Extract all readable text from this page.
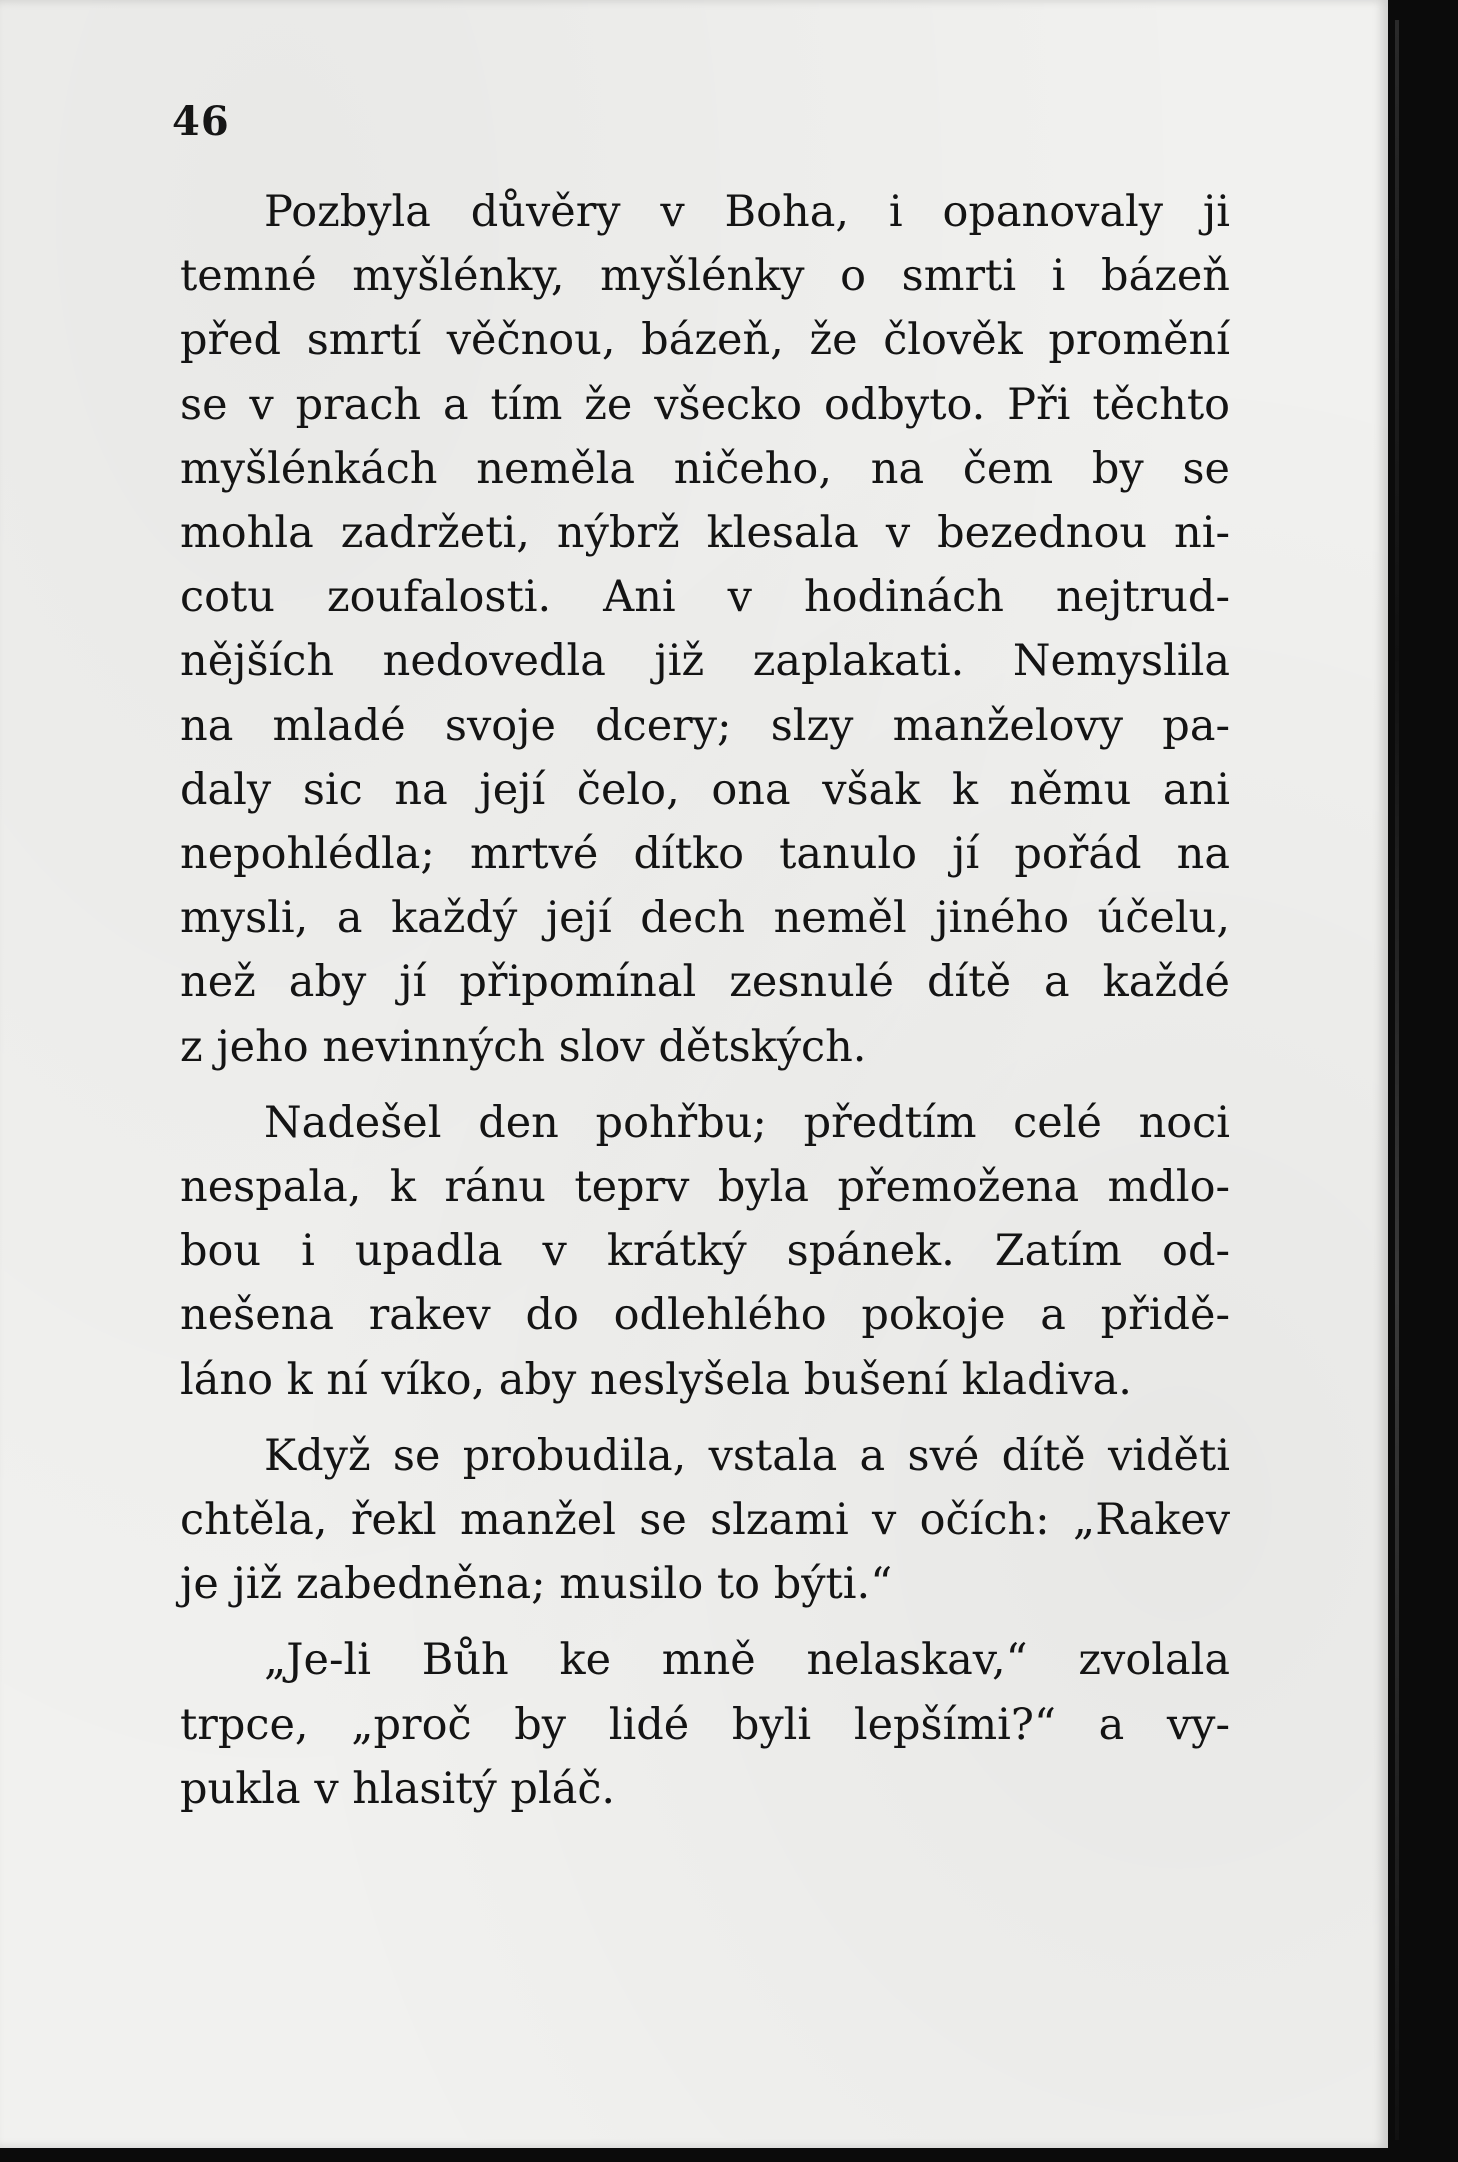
46
Pozbyla důvěry v Boha, i opanovaly ji
temné myšlénky, myšlénky o smrti i bázeň
před smrtí věčnou, bázeň, že člověk promění
se v prach a tím že všecko odbyto. Při těchto
myšlénkách neměla ničeho, na čem by se
mohla zadržeti, nýbrž klesala v bezednou ni-
cotu zoufalosti. Ani v hodinách nejtrud-
nějších nedovedla již zaplakati. Nemyslila
na mladé svoje dcery; slzy manželovy pa-
daly sic na její čelo, ona však k němu ani
nepohlédla; mrtvé dítko tanulo jí pořád na
mysli, a každý její dech neměl jiného účelu,
než aby jí připomínal zesnulé dítě a každé
z jeho nevinných slov dětských.
Nadešel den pohřbu; předtím celé noci
nespala, k ránu teprv byla přemožena mdlo-
bou i upadla v krátký spánek. Zatím od-
nešena rakev do odlehlého pokoje a přidě-
láno k ní víko, aby neslyšela bušení kladiva.
Když se probudila, vstala a své dítě viděti
chtěla, řekl manžel se slzami v očích: „Rakev
je již zabedněna; musilo to býti.“
„Je-li Bůh ke mně nelaskav,“ zvolala
trpce, „proč by lidé byli lepšími?“ a vy-
pukla v hlasitý pláč.
